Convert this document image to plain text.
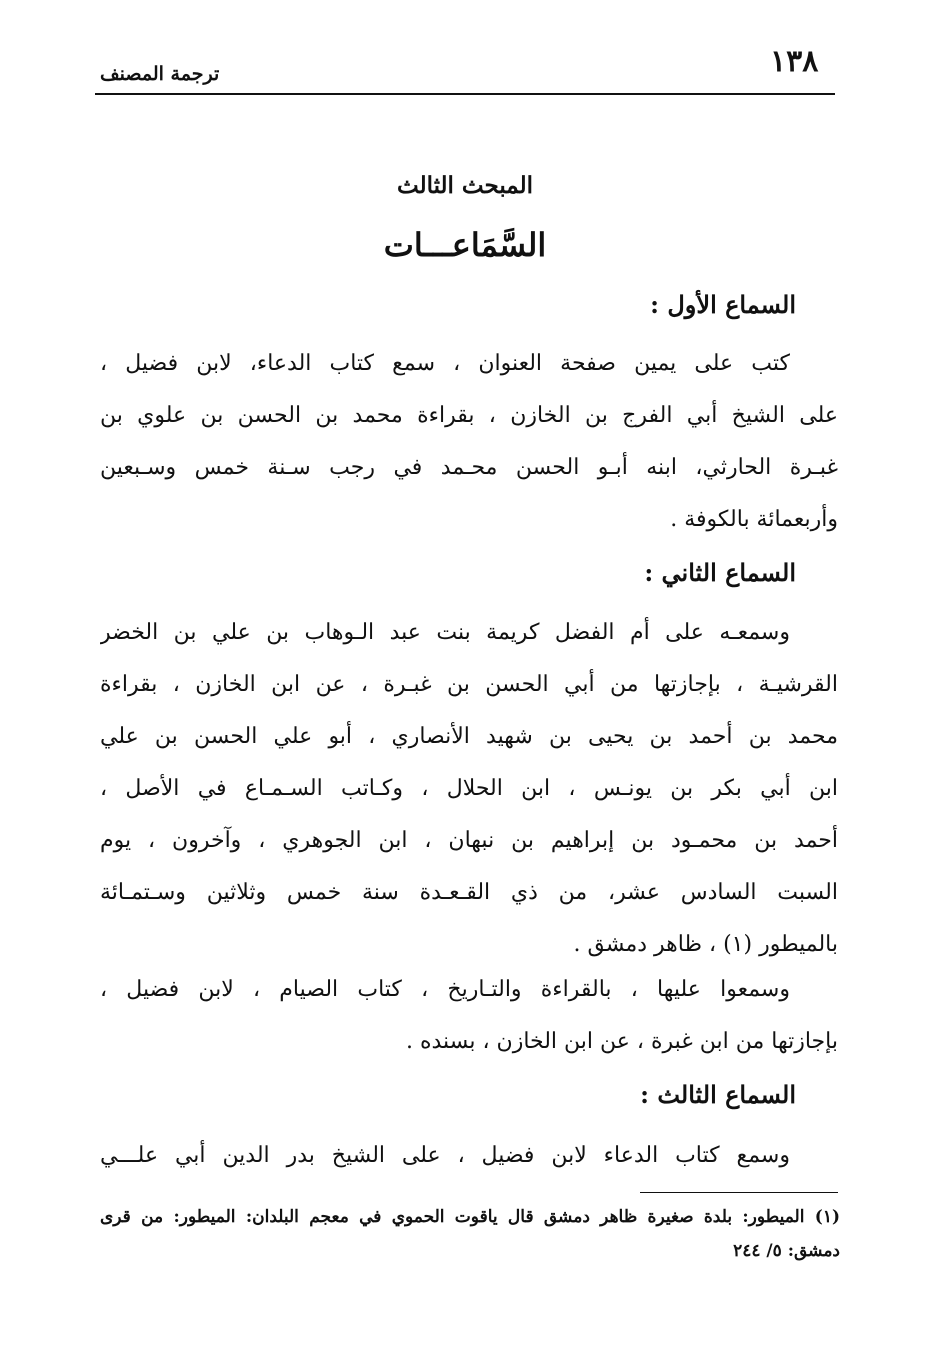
١٣٨
ترجمة المصنف
المبحث الثالث
السَّمَاعـــات
السماع الأول :
كتب على يمين صفحة العنوان ، سمع كتاب الدعاء، لابن فضيل ،
على الشيخ أبي الفرج بن الخازن ، بقراءة محمد بن الحسن بن علوي بن
غبـرة الحارثي، ابنه أبـو الحسن محـمد في رجب سـنة خمس وسـبعين
وأربعمائة بالكوفة .
السماع الثاني :
وسمعـه على أم الفضل كريمة بنت عبد الـوهاب بن علي بن الخضر
القرشيـة ، بإجازتها من أبي الحسن بن غبـرة ، عن ابن الخازن ، بقراءة
محمد بن أحمد بن يحيى بن شهيد الأنصاري ، أبو علي الحسن بن علي
ابن أبي بكر بن يونـس ، ابن الحلال ، وكـاتب السـمـاع في الأصل ،
أحمد بن محمـود بن إبراهيم بن نبهان ، ابن الجوهري ، وآخرون ، يوم
السبت السادس عشر، من ذي القـعـدة سنة خمس وثلاثين وسـتمـائة
بالميطور (١) ، ظاهر دمشق .
وسمعوا عليها ، بالقراءة والتـاريخ ، كتاب الصيام ، لابن فضيل ،
بإجازتها من ابن غبرة ، عن ابن الخازن ، بسنده .
السماع الثالث :
وسمع كتاب الدعاء لابن فضيل ، على الشيخ بدر الدين أبي علـــي
(١) الميطور: بلدة صغيرة ظاهر دمشق قال ياقوت الحموي في معجم البلدان: الميطور: من قرى
دمشق: ٥/ ٢٤٤
